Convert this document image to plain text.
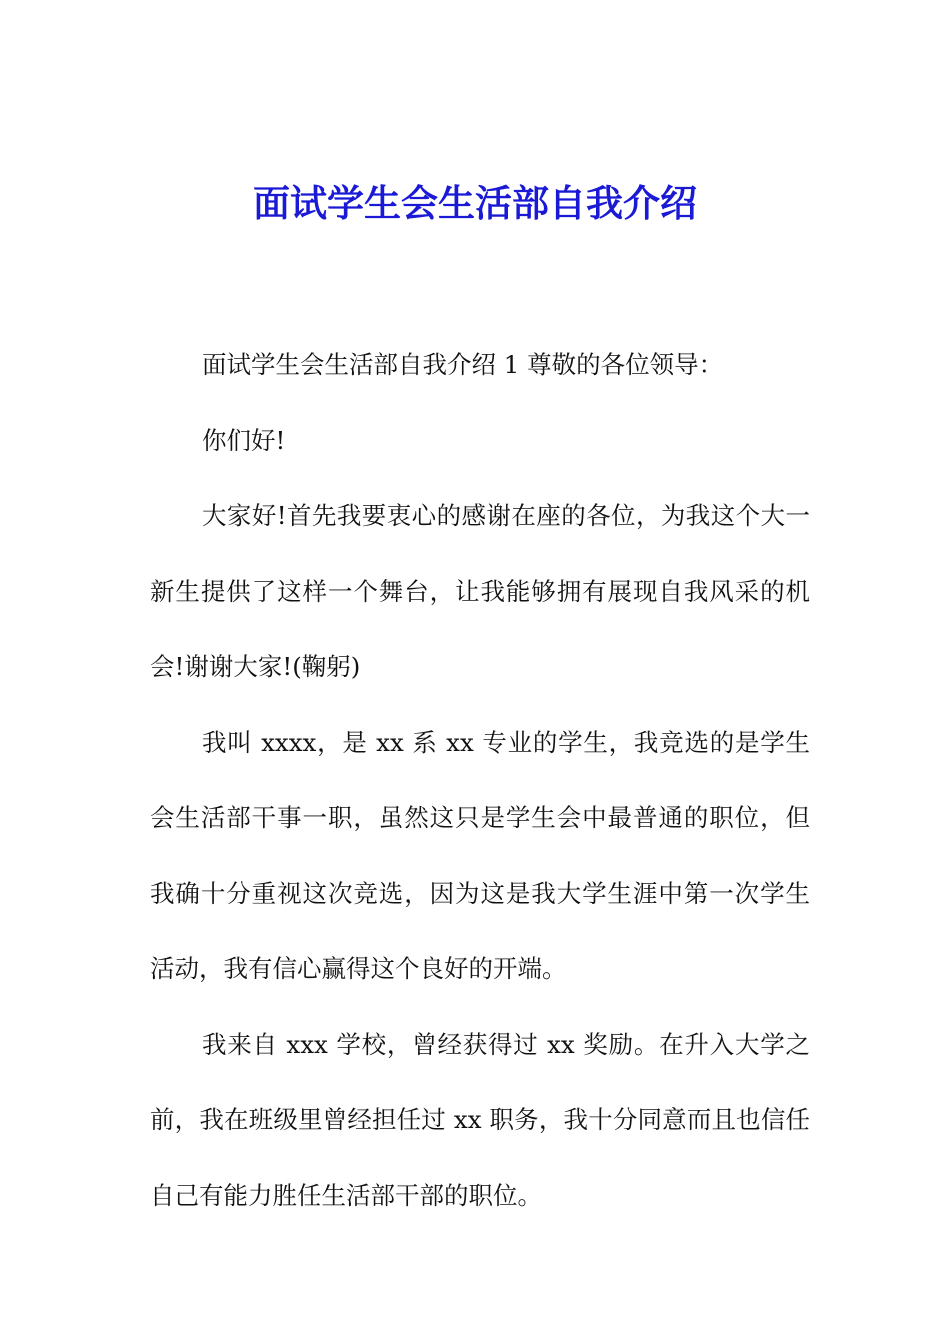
面试学生会生活部自我介绍

面试学生会生活部自我介绍 1 尊敬的各位领导：

你们好!

大家好!首先我要衷心的感谢在座的各位，为我这个大一新生提供了这样一个舞台，让我能够拥有展现自我风采的机会!谢谢大家!(鞠躬)

我叫 xxxx，是 xx 系 xx 专业的学生，我竞选的是学生会生活部干事一职，虽然这只是学生会中最普通的职位，但我确十分重视这次竞选，因为这是我大学生涯中第一次学生活动，我有信心赢得这个良好的开端。

我来自 xxx 学校，曾经获得过 xx 奖励。在升入大学之前，我在班级里曾经担任过 xx 职务，我十分同意而且也信任自己有能力胜任生活部干部的职位。
